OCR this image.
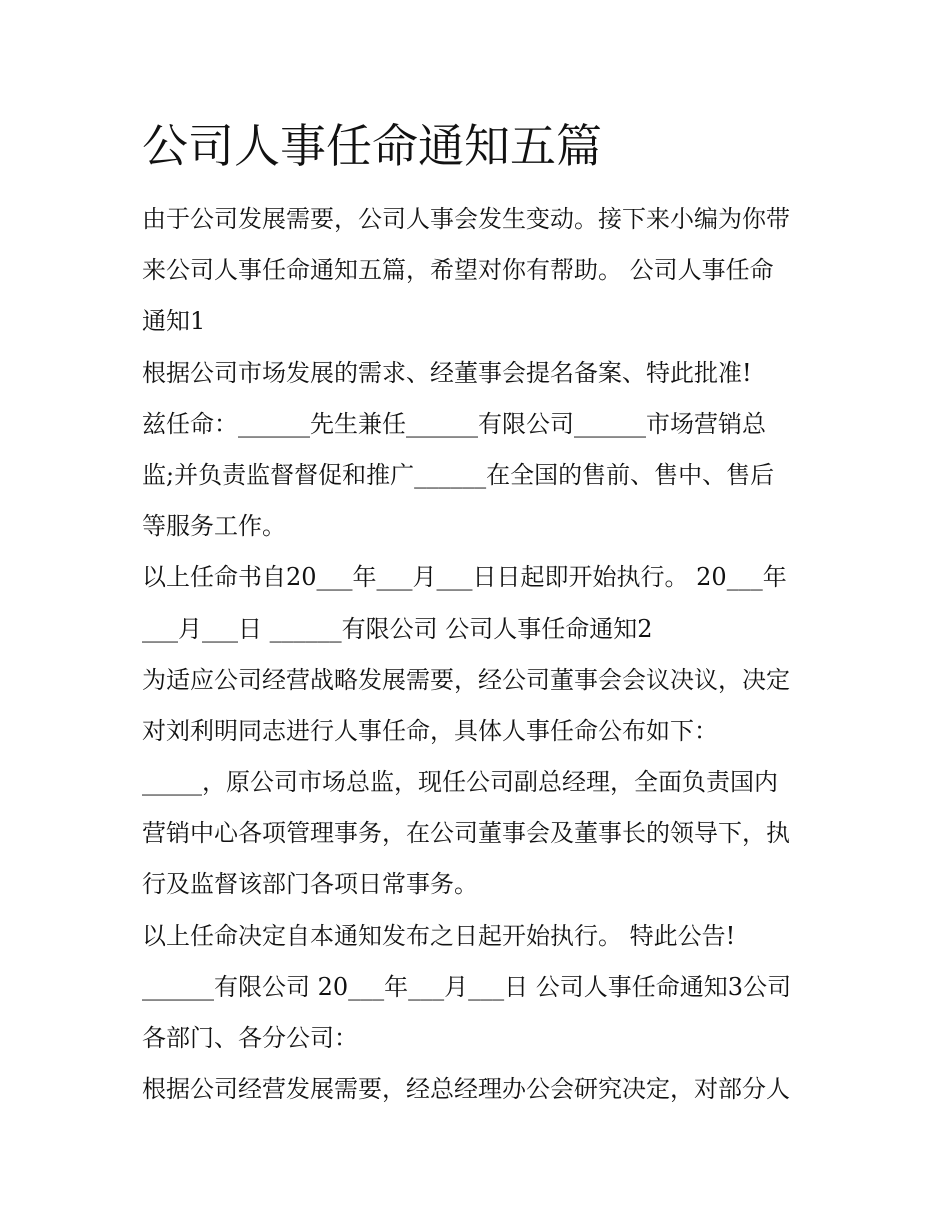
公司人事任命通知五篇
由于公司发展需要，公司人事会发生变动。接下来小编为你带
来公司人事任命通知五篇，希望对你有帮助。 公司人事任命
通知1
根据公司市场发展的需求、经董事会提名备案、特此批准!
兹任命：______先生兼任______有限公司______市场营销总
监;并负责监督督促和推广______在全国的售前、售中、售后
等服务工作。
以上任命书自20___年___月___日日起即开始执行。 20___年
___月___日 ______有限公司 公司人事任命通知2
为适应公司经营战略发展需要，经公司董事会会议决议，决定
对刘利明同志进行人事任命，具体人事任命公布如下：
_____，原公司市场总监，现任公司副总经理，全面负责国内
营销中心各项管理事务，在公司董事会及董事长的领导下，执
行及监督该部门各项日常事务。
以上任命决定自本通知发布之日起开始执行。 特此公告!
______有限公司 20___年___月___日 公司人事任命通知3公司
各部门、各分公司：
根据公司经营发展需要，经总经理办公会研究决定，对部分人
